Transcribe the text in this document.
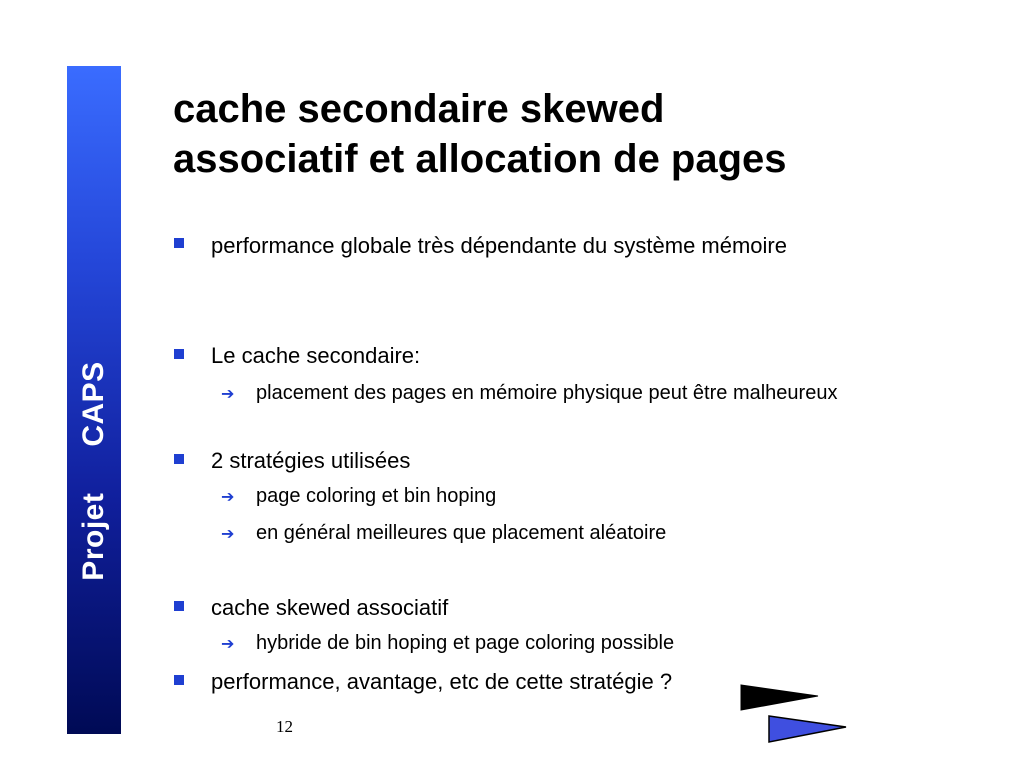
ProjetCAPS
cache secondaire skewed
associatif et allocation de pages

performance globale très dépendante du système mémoire

Le cache secondaire:

➔ placement des pages en mémoire physique peut être malheureux

2 stratégies utilisées

➔ page coloring et bin hoping

➔ en général meilleures que placement aléatoire

cache skewed associatif

➔ hybride de bin hoping et page coloring possible

performance, avantage, etc de cette stratégie ?

12
